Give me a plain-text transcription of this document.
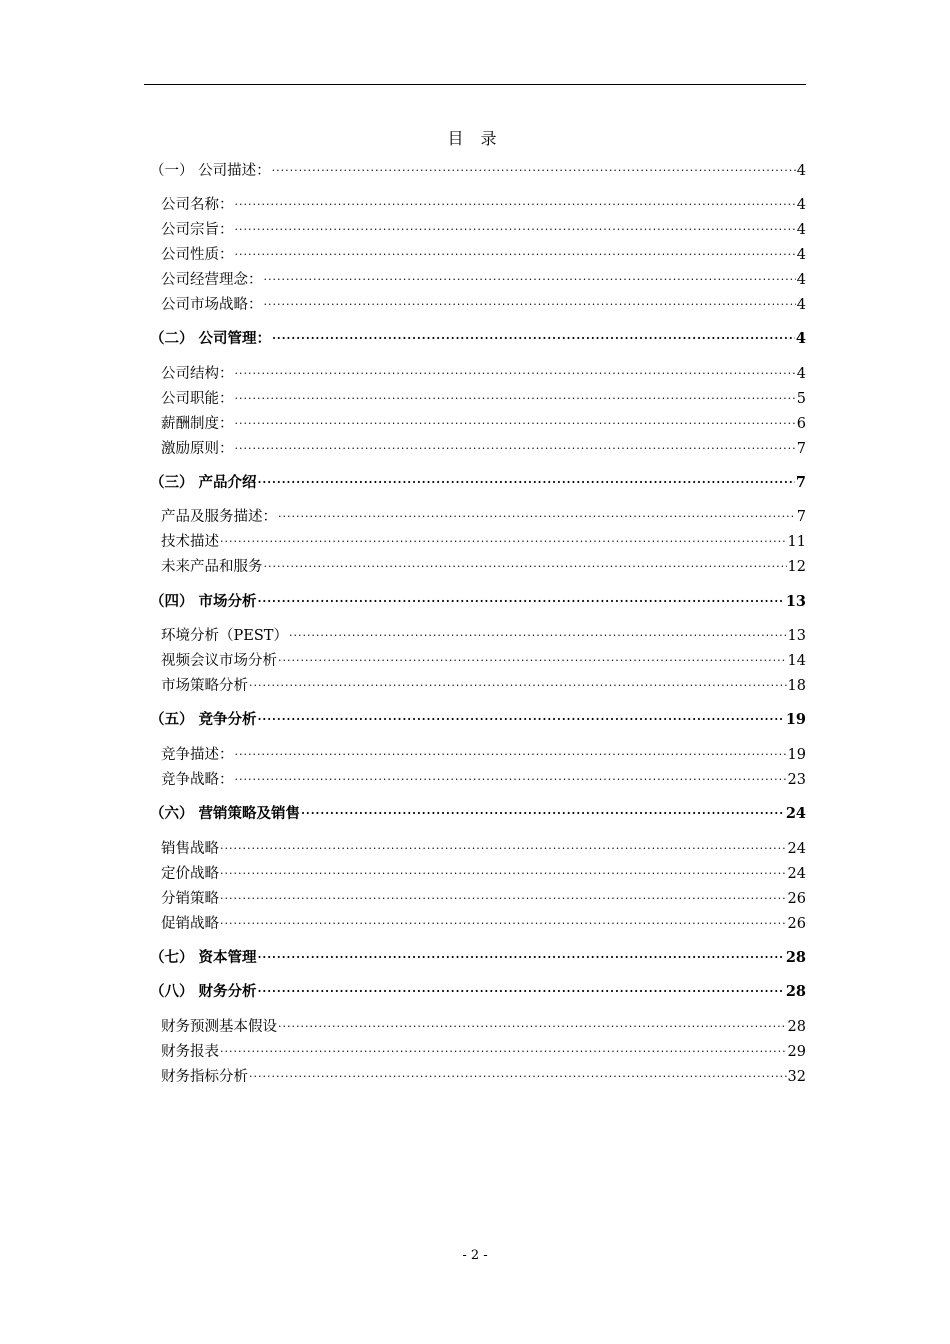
目 录
（一） 公司描述： .....	4
公司名称： .....	4
公司宗旨： .....	4
公司性质： .....	4
公司经营理念： .....	4
公司市场战略： .....	4
（二） 公司管理： .....	4
公司结构： .....	4
公司职能： .....	5
薪酬制度： .....	6
激励原则： .....	7
（三） 产品介绍 .....	7
产品及服务描述： .....	7
技术描述 .....	11
未来产品和服务 .....	12
（四） 市场分析 .....	13
环境分析（PEST） .....	13
视频会议市场分析 .....	14
市场策略分析 .....	18
（五） 竞争分析 .....	19
竞争描述： .....	19
竞争战略： .....	23
（六） 营销策略及销售 .....	24
销售战略 .....	24
定价战略 .....	24
分销策略 .....	26
促销战略 .....	26
（七） 资本管理 .....	28
（八） 财务分析 .....	28
财务预测基本假设 .....	28
财务报表 .....	29
财务指标分析 .....	32
- 2 -
